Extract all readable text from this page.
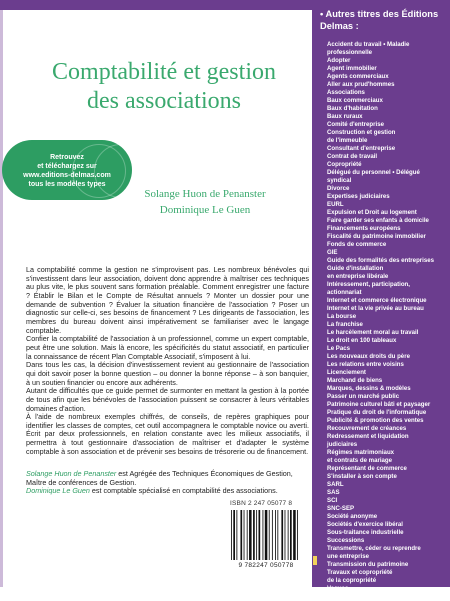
Comptabilité et gestion
des associations
Retrouvez
et téléchargez sur
www.editions-delmas.com
tous les modèles types
Solange Huon de Penanster
Dominique Le Guen

La comptabilité comme la gestion ne s'improvisent pas. Les nombreux bénévoles qui s'investissent dans leur association, doivent donc apprendre à maîtriser ces techniques au plus vite, le plus souvent sans formation préalable. Comment enregistrer une facture ? Établir le Bilan et le Compte de Résultat annuels ? Monter un dossier pour une demande de subvention ? Évaluer la situation financière de l'association ? Poser un diagnostic sur celle-ci, ses besoins de financement ? Les dirigeants de l'association, les membres du bureau doivent ainsi impérativement se familiariser avec le langage comptable.

Confier la comptabilité de l'association à un professionnel, comme un expert comptable, peut être une solution. Mais là encore, les spécificités du statut associatif, en particulier la connaissance de récent Plan Comptable Associatif, s'imposent à lui.

Dans tous les cas, la décision d'investissement revient au gestionnaire de l'association qui doit savoir poser la bonne question – ou donner la bonne réponse – à son banquier, à un soutien financier ou encore aux adhérents.

Autant de difficultés que ce guide permet de surmonter en mettant la gestion à la portée de tous afin que les bénévoles de l'association puissent se consacrer à leurs véritables domaines d'action.

À l'aide de nombreux exemples chiffrés, de conseils, de repères graphiques pour identifier les classes de comptes, cet outil accompagnera le comptable novice ou averti. Écrit par deux professionnels, en relation constante avec les milieux associatifs, il permettra à tout gestionnaire d'association de maîtriser et d'adapter le système comptable à son association et de prévenir ses besoins de trésorerie ou de financement.

Solange Huon de Penanster est Agrégée des Techniques Économiques de Gestion, Maître de conférences de Gestion.
Dominique Le Guen est comptable spécialisé en comptabilité des associations.
ISBN 2 247 05077 8
9 782247 050778
• Autres titres des Éditions Delmas :
Accident du travail • Maladie
professionnelle
Adopter
Agent immobilier
Agents commerciaux
Aller aux prud'hommes
Associations
Baux commerciaux
Baux d'habitation
Baux ruraux
Comité d'entreprise
Construction et gestion
de l'immeuble
Consultant d'entreprise
Contrat de travail
Copropriété
Délégué du personnel • Délégué
syndical
Divorce
Expertises judiciaires
EURL
Expulsion et Droit au logement
Faire garder ses enfants à domicile
Financements européens
Fiscalité du patrimoine immobilier
Fonds de commerce
GIE
Guide des formalités des entreprises
Guide d'installation
en entreprise libérale
Intéressement, participation,
actionnariat
Internet et commerce électronique
Internet et la vie privée au bureau
La bourse
La franchise
Le harcèlement moral au travail
Le droit en 100 tableaux
Le Pacs
Les nouveaux droits du père
Les relations entre voisins
Licenciement
Marchand de biens
Marques, dessins & modèles
Passer un marché public
Patrimoine culturel bâti et paysager
Pratique du droit de l'informatique
Publicité & promotion des ventes
Recouvrement de créances
Redressement et liquidation
judiciaires
Régimes matrimoniaux
et contrats de mariage
Représentant de commerce
S'installer à son compte
SARL
SAS
SCI
SNC-SEP
Société anonyme
Sociétés d'exercice libéral
Sous-traitance industrielle
Successions
Transmettre, céder ou reprendre
une entreprise
Transmission du patrimoine
Travaux et copropriété
de la copropriété
Vagues
Vivre la signature électronique
